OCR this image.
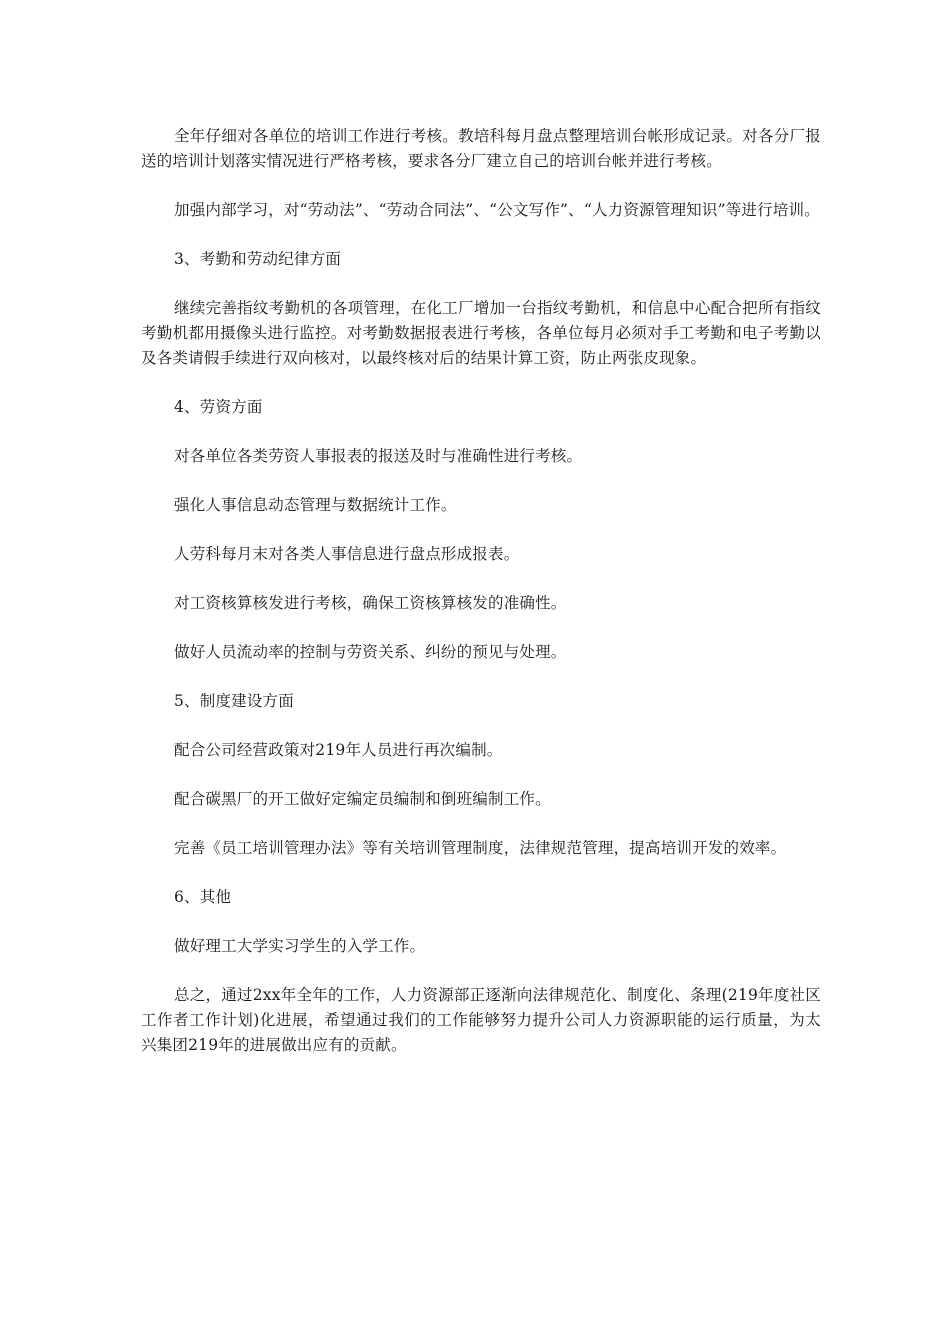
全年仔细对各单位的培训工作进行考核。教培科每月盘点整理培训台帐形成记录。对各分厂报送的培训计划落实情况进行严格考核，要求各分厂建立自己的培训台帐并进行考核。

加强内部学习，对“劳动法”、“劳动合同法”、“公文写作”、“人力资源管理知识”等进行培训。

3、考勤和劳动纪律方面

继续完善指纹考勤机的各项管理，在化工厂增加一台指纹考勤机，和信息中心配合把所有指纹考勤机都用摄像头进行监控。对考勤数据报表进行考核，各单位每月必须对手工考勤和电子考勤以及各类请假手续进行双向核对，以最终核对后的结果计算工资，防止两张皮现象。

4、劳资方面

对各单位各类劳资人事报表的报送及时与准确性进行考核。

强化人事信息动态管理与数据统计工作。

人劳科每月末对各类人事信息进行盘点形成报表。

对工资核算核发进行考核，确保工资核算核发的准确性。

做好人员流动率的控制与劳资关系、纠纷的预见与处理。

5、制度建设方面

配合公司经营政策对219年人员进行再次编制。

配合碳黑厂的开工做好定编定员编制和倒班编制工作。

完善《员工培训管理办法》等有关培训管理制度，法律规范管理，提高培训开发的效率。

6、其他

做好理工大学实习学生的入学工作。

总之，通过2xx年全年的工作，人力资源部正逐渐向法律规范化、制度化、条理(219年度社区工作者工作计划)化进展，希望通过我们的工作能够努力提升公司人力资源职能的运行质量，为太兴集团219年的进展做出应有的贡献。
